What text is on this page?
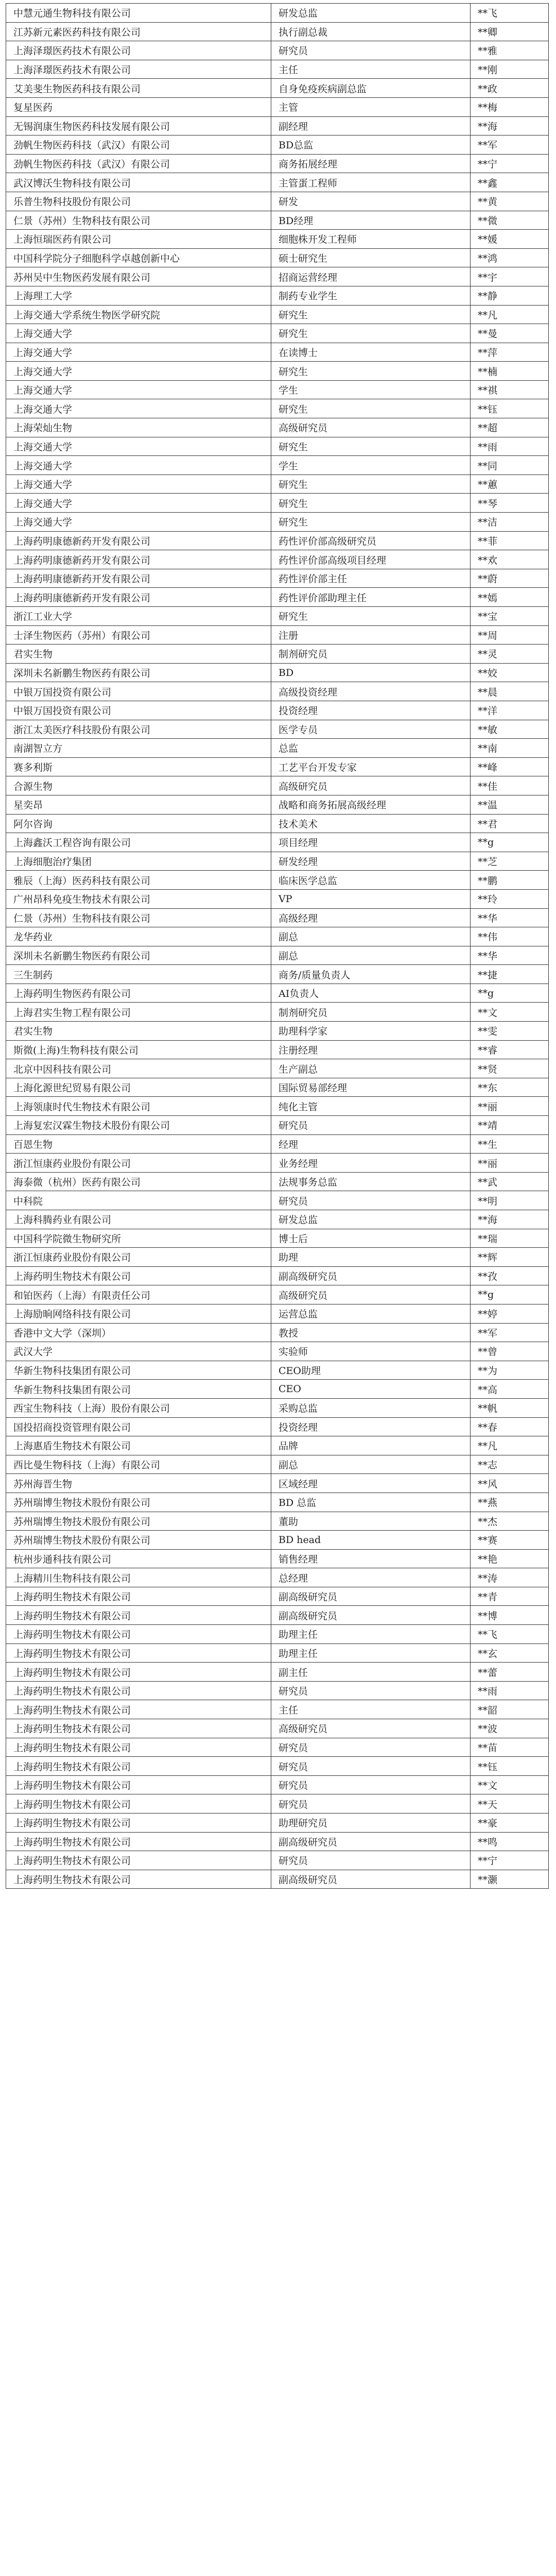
中慧元通生物科技有限公司	研发总监	**飞
江苏新元素医药科技有限公司	执行副总裁	**卿
上海泽璟医药技术有限公司	研究员	**雅
上海泽璟医药技术有限公司	主任	**刚
艾美斐生物医药科技有限公司	自身免疫疾病副总监	**政
复星医药	主管	**梅
无锡润康生物医药科技发展有限公司	副经理	**海
劲帆生物医药科技（武汉）有限公司	BD总监	**军
劲帆生物医药科技（武汉）有限公司	商务拓展经理	**宁
武汉博沃生物科技有限公司	主管蛋工程师	**鑫
乐普生物科技股份有限公司	研发	**黄
仁景（苏州）生物科技有限公司	BD经理	**微
上海恒瑞医药有限公司	细胞株开发工程师	**媛
中国科学院分子细胞科学卓越创新中心	硕士研究生	**鸿
苏州吴中生物医药发展有限公司	招商运营经理	**宇
上海理工大学	制药专业学生	**静
上海交通大学系统生物医学研究院	研究生	**凡
上海交通大学	研究生	**曼
上海交通大学	在读博士	**萍
上海交通大学	研究生	**楠
上海交通大学	学生	**祺
上海交通大学	研究生	**钰
上海荣灿生物	高级研究员	**超
上海交通大学	研究生	**雨
上海交通大学	学生	**同
上海交通大学	研究生	**蕙
上海交通大学	研究生	**琴
上海交通大学	研究生	**洁
上海药明康德新药开发有限公司	药性评价部高级研究员	**菲
上海药明康德新药开发有限公司	药性评价部高级项目经理	**欢
上海药明康德新药开发有限公司	药性评价部主任	**蔚
上海药明康德新药开发有限公司	药性评价部助理主任	**嫣
浙江工业大学	研究生	**宝
士泽生物医药（苏州）有限公司	注册	**周
君实生物	制剂研究员	**灵
深圳未名新鹏生物医药有限公司	BD	**姣
中银万国投资有限公司	高级投资经理	**晨
中银万国投资有限公司	投资经理	**洋
浙江太美医疗科技股份有限公司	医学专员	**敏
南湖智立方	总监	**南
赛多利斯	工艺平台开发专家	**峰
合源生物	高级研究员	**佳
星奕昂	战略和商务拓展高级经理	**温
阿尔咨询	技术美术	**君
上海鑫沃工程咨询有限公司	项目经理	**g
上海细胞治疗集团	研发经理	**芝
雅辰（上海）医药科技有限公司	临床医学总监	**鹏
广州昂科免疫生物技术有限公司	VP	**玲
仁景（苏州）生物科技有限公司	高级经理	**华
龙华药业	副总	**伟
深圳未名新鹏生物医药有限公司	副总	**华
三生制药	商务/质量负责人	**捷
上海药明生物医药有限公司	AI负责人	**g
上海君实生物工程有限公司	制剂研究员	**文
君实生物	助理科学家	**雯
斯微(上海)生物科技有限公司	注册经理	**睿
北京中因科技有限公司	生产副总	**贤
上海化源世纪贸易有限公司	国际贸易部经理	**东
上海领康时代生物技术有限公司	纯化主管	**丽
上海复宏汉霖生物技术股份有限公司	研究员	**靖
百恩生物	经理	**生
浙江恒康药业股份有限公司	业务经理	**丽
海泰微（杭州）医药有限公司	法规事务总监	**武
中科院	研究员	**明
上海科腾药业有限公司	研发总监	**海
中国科学院微生物研究所	博士后	**瑞
浙江恒康药业股份有限公司	助理	**辉
上海药明生物技术有限公司	副高级研究员	**孜
和铂医药（上海）有限责任公司	高级研究员	**g
上海励晌网络科技有限公司	运营总监	**婷
香港中文大学（深圳）	教授	**军
武汉大学	实验师	**曾
华新生物科技集团有限公司	CEO助理	**为
华新生物科技集团有限公司	CEO	**高
西宝生物科技（上海）股份有限公司	采购总监	**帆
国投招商投资管理有限公司	投资经理	**春
上海惠盾生物技术有限公司	品牌	**凡
西比曼生物科技（上海）有限公司	副总	**志
苏州海晋生物	区域经理	**风
苏州瑞博生物技术股份有限公司	BD 总监	**燕
苏州瑞博生物技术股份有限公司	董助	**杰
苏州瑞博生物技术股份有限公司	BD head	**赛
杭州步通科技有限公司	销售经理	**艳
上海精川生物科技有限公司	总经理	**涛
上海药明生物技术有限公司	副高级研究员	**青
上海药明生物技术有限公司	副高级研究员	**博
上海药明生物技术有限公司	助理主任	**飞
上海药明生物技术有限公司	助理主任	**玄
上海药明生物技术有限公司	副主任	**蕾
上海药明生物技术有限公司	研究员	**雨
上海药明生物技术有限公司	主任	**韶
上海药明生物技术有限公司	高级研究员	**波
上海药明生物技术有限公司	研究员	**苗
上海药明生物技术有限公司	研究员	**钰
上海药明生物技术有限公司	研究员	**文
上海药明生物技术有限公司	研究员	**天
上海药明生物技术有限公司	助理研究员	**豪
上海药明生物技术有限公司	副高级研究员	**鸣
上海药明生物技术有限公司	研究员	**宁
上海药明生物技术有限公司	副高级研究员	**灏
